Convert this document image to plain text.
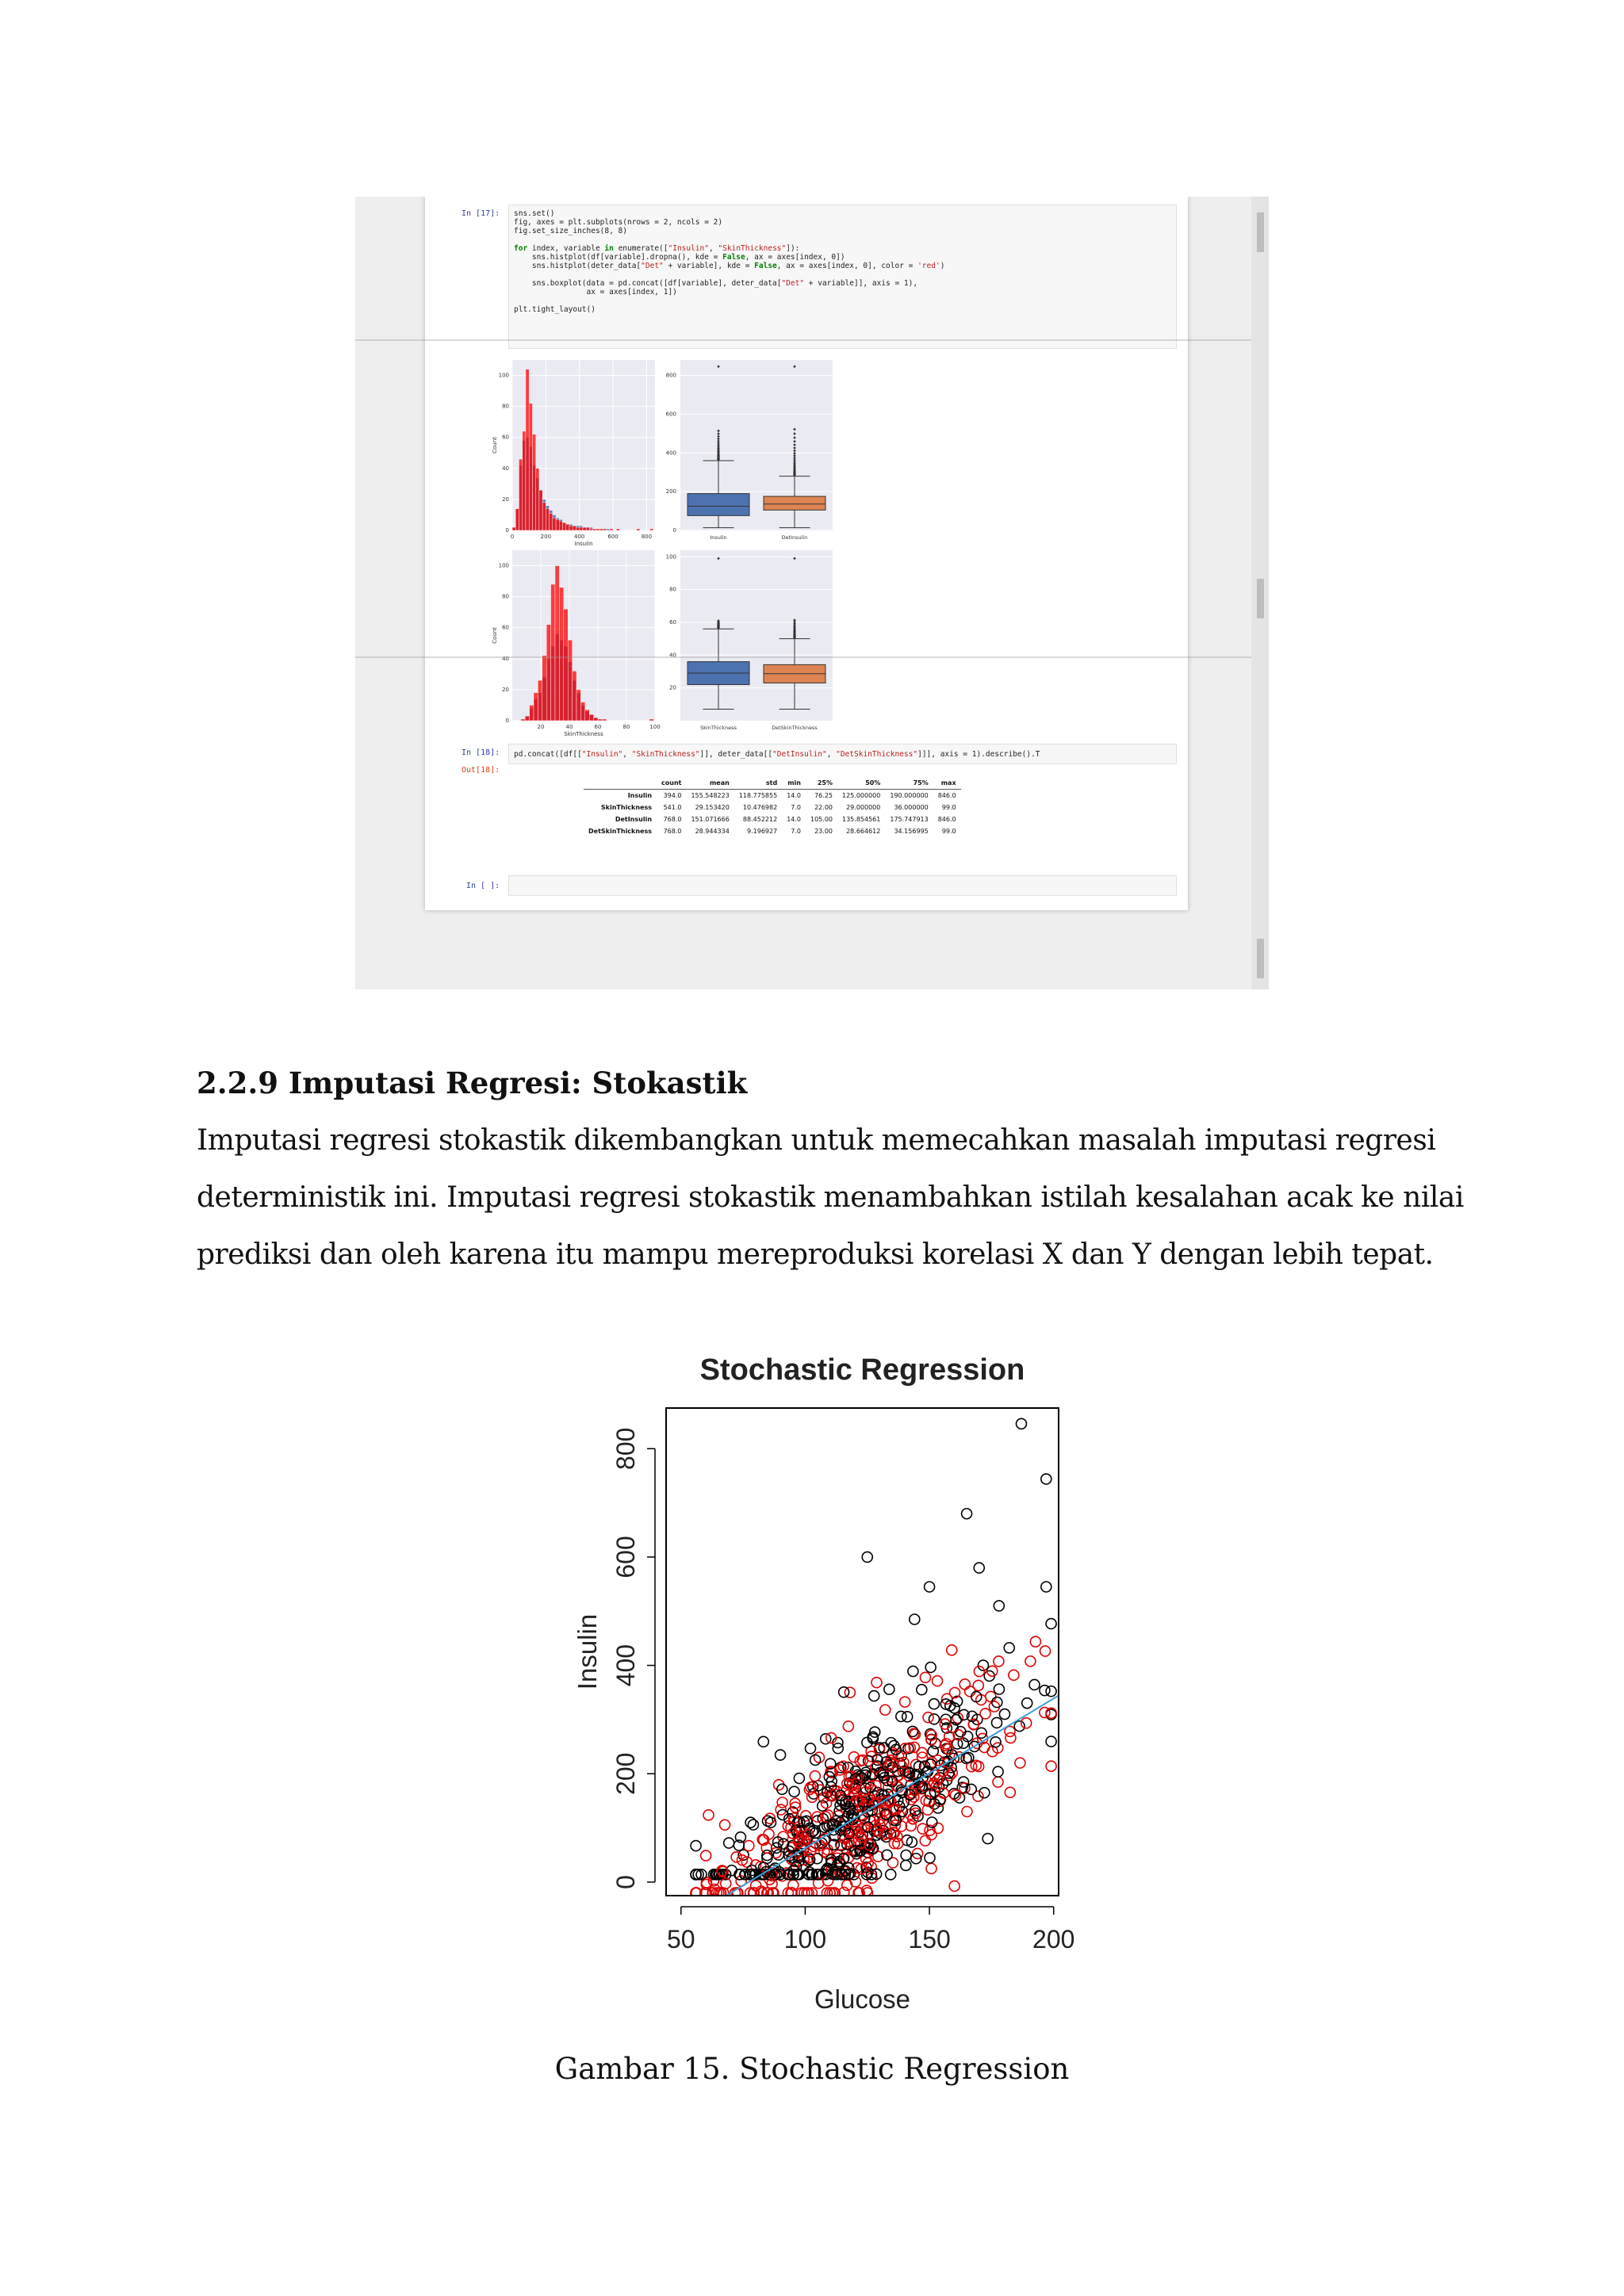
In [17]: sns.set()
fig, axes = plt.subplots(nrows = 2, ncols = 2)
fig.set_size_inches(8, 8)

for index, variable in enumerate(["Insulin", "SkinThickness"]):
sns.histplot(df[variable].dropna(), kde = False, ax = axes[index, 0])
sns.histplot(deter_data["Det" + variable], kde = False, ax = axes[index, 0], color = 'red')

sns.boxplot(data = pd.concat([df[variable], deter_data["Det" + variable]], axis = 1),
ax = axes[index, 1])

plt.tight_layout()
100
80
60
40
20
0
0	200	400	600	800
Insulin
Count
800
600
400
200
0
Insulin	DetInsulin
100
80
60
40
20
0
20	40	60	80	100
SkinThickness
Count
100
80
60
40
20
SkinThickness	DetSkinThickness
In [18]: pd.concat([df[["Insulin", "SkinThickness"]], deter_data[["DetInsulin", "DetSkinThickness"]]], axis = 1).describe().T
Out[18]:
	count	mean	std	min	25%	50%	75%	max
Insulin	394.0	155.548223	118.775855	14.0	76.25	125.000000	190.000000	846.0
SkinThickness	541.0	29.153420	10.476982	7.0	22.00	29.000000	36.000000	99.0
DetInsulin	768.0	151.071666	88.452212	14.0	105.00	135.854561	175.747913	846.0
DetSkinThickness	768.0	28.944334	9.196927	7.0	23.00	28.664612	34.156995	99.0
In [ ]:
2.2.9 Imputasi Regresi: Stokastik
Imputasi regresi stokastik dikembangkan untuk memecahkan masalah imputasi regresi
deterministik ini. Imputasi regresi stokastik menambahkan istilah kesalahan acak ke nilai
prediksi dan oleh karena itu mampu mereproduksi korelasi X dan Y dengan lebih tepat.
Stochastic Regression
50	100	150	200
Glucose
0
200
400
600
800
Insulin
Gambar 15. Stochastic Regression
